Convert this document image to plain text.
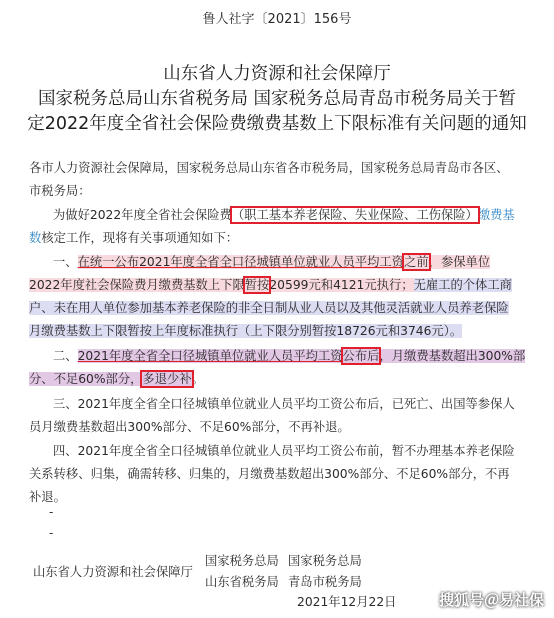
鲁人社字〔2021〕156号
山东省人力资源和社会保障厅
国家税务总局山东省税务局 国家税务总局青岛市税务局关于暂
定2022年度全省社会保险费缴费基数上下限标准有关问题的通知
各市人力资源社会保障局，国家税务总局山东省各市税务局，国家税务总局青岛市各区、
市税务局：
为做好2022年度全省社会保险费（职工基本养老保险、失业保险、工伤保险）缴费基
数核定工作，现将有关事项通知如下：
一、在统一公布2021年度全省全口径城镇单位就业人员平均工资之前，参保单位
2022年度社会保险费月缴费基数上下限暂按20599元和4121元执行；无雇工的个体工商
户、未在用人单位参加基本养老保险的非全日制从业人员以及其他灵活就业人员养老保险
月缴费基数上下限暂按上年度标准执行（上下限分别暂按18726元和3746元）。
二、2021年度全省全口径城镇单位就业人员平均工资公布后，月缴费基数超出300%部
分、不足60%部分，多退少补。
三、2021年度全省全口径城镇单位就业人员平均工资公布后，已死亡、出国等参保人
员月缴费基数超出300%部分、不足60%部分，不再补退。
四、2021年度全省全口径城镇单位就业人员平均工资公布前，暂不办理基本养老保险
关系转移、归集，确需转移、归集的，月缴费基数超出300%部分、不足60%部分，不再
补退。
-
-
山东省人力资源和社会保障厅
国家税务总局
山东省税务局
国家税务总局
青岛市税务局
2021年12月22日	搜狐号＠易社保
